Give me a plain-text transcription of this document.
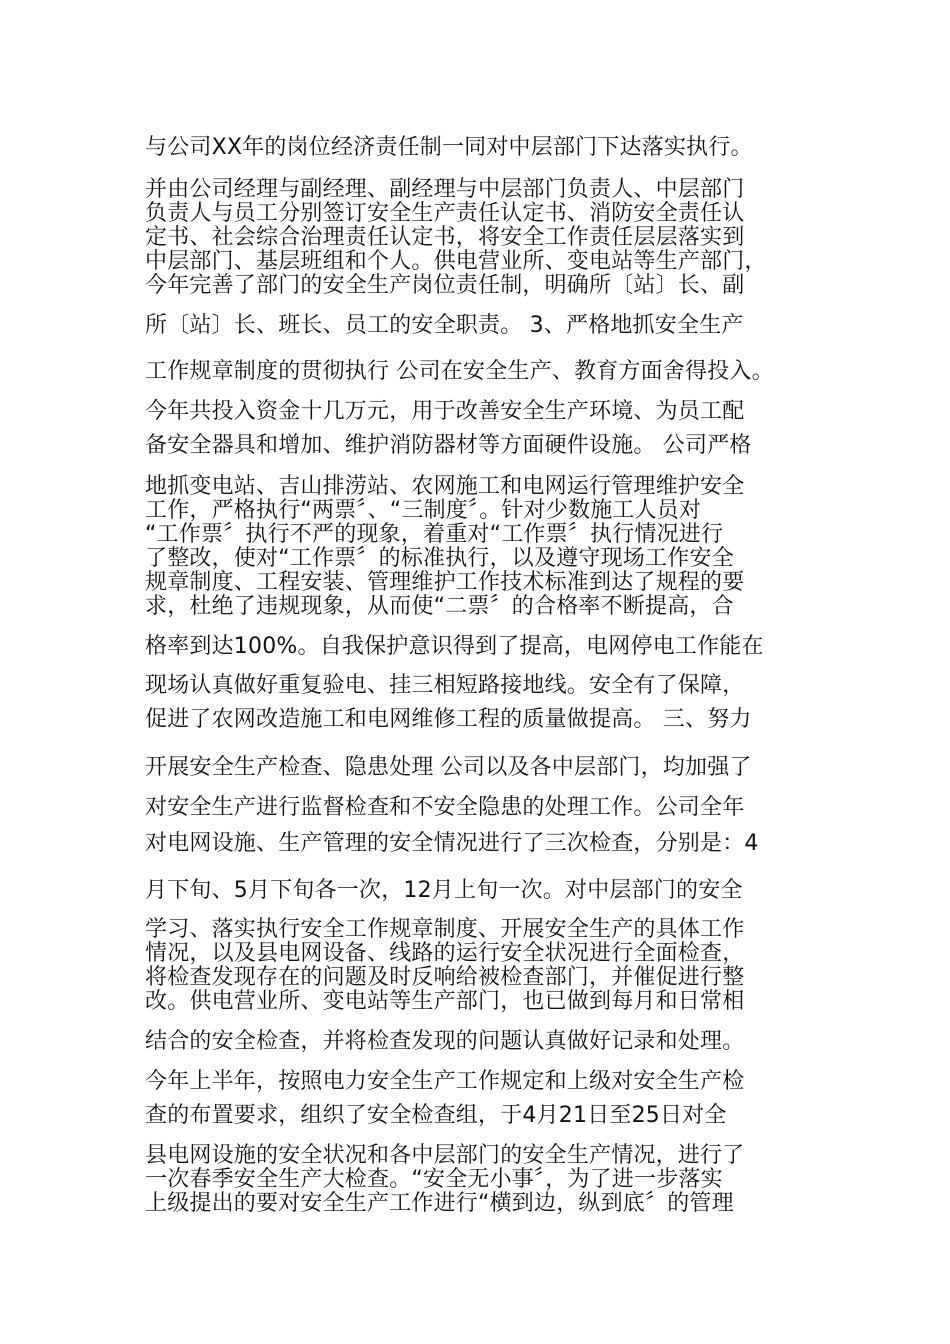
与公司XX年的岗位经济责任制一同对中层部门下达落实执行。
并由公司经理与副经理、副经理与中层部门负责人、中层部门
负责人与员工分别签订安全生产责任认定书、消防安全责任认
定书、社会综合治理责任认定书，将安全工作责任层层落实到
中层部门、基层班组和个人。供电营业所、变电站等生产部门，
今年完善了部门的安全生产岗位责任制，明确所〔站〕长、副
所〔站〕长、班长、员工的安全职责。 3、严格地抓安全生产
工作规章制度的贯彻执行 公司在安全生产、教育方面舍得投入。
今年共投入资金十几万元，用于改善安全生产环境、为员工配
备安全器具和增加、维护消防器材等方面硬件设施。 公司严格
地抓变电站、吉山排涝站、农网施工和电网运行管理维护安全
工作，严格执行“两票〞、“三制度〞。针对少数施工人员对
“工作票〞执行不严的现象，着重对“工作票〞执行情况进行
了整改，使对“工作票〞的标准执行，以及遵守现场工作安全
规章制度、工程安装、管理维护工作技术标准到达了规程的要
求，杜绝了违规现象，从而使“二票〞的合格率不断提高，合
格率到达100%。自我保护意识得到了提高，电网停电工作能在
现场认真做好重复验电、挂三相短路接地线。安全有了保障，
促进了农网改造施工和电网维修工程的质量做提高。 三、努力
开展安全生产检查、隐患处理 公司以及各中层部门，均加强了
对安全生产进行监督检查和不安全隐患的处理工作。公司全年
对电网设施、生产管理的安全情况进行了三次检查，分别是：4
月下旬、5月下旬各一次，12月上旬一次。对中层部门的安全
学习、落实执行安全工作规章制度、开展安全生产的具体工作
情况，以及县电网设备、线路的运行安全状况进行全面检查，
将检查发现存在的问题及时反响给被检查部门，并催促进行整
改。供电营业所、变电站等生产部门，也已做到每月和日常相
结合的安全检查，并将检查发现的问题认真做好记录和处理。
今年上半年，按照电力安全生产工作规定和上级对安全生产检
查的布置要求，组织了安全检查组，于4月21日至25日对全
县电网设施的安全状况和各中层部门的安全生产情况，进行了
一次春季安全生产大检查。“安全无小事〞，为了进一步落实
上级提出的要对安全生产工作进行“横到边，纵到底〞的管理
